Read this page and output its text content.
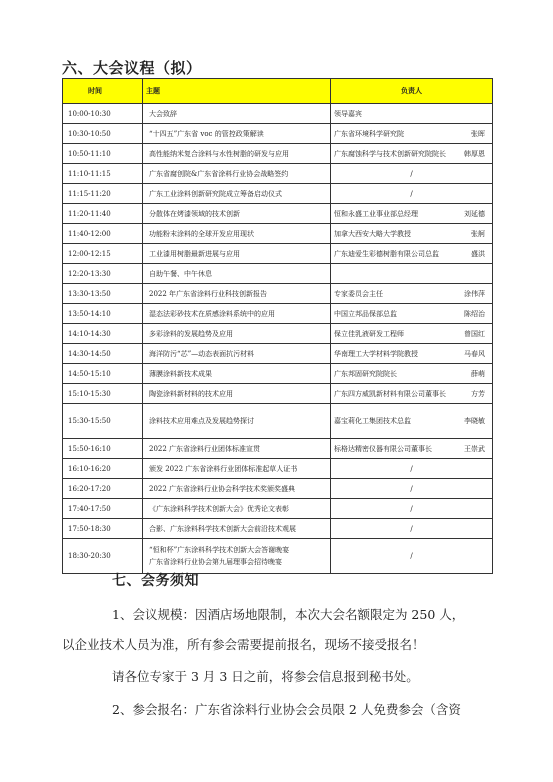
六、大会议程（拟）
时间	主题	负责人
10:00-10:30	大会致辞	领导嘉宾
10:30-10:50	“十四五”广东省 voc 的管控政策解读	广东省环境科学研究院 张晖

10:50-11:10	高性能纳米复合涂料与水性树脂的研发与应用	广东腐蚀科学与技术创新研究院院长 韩厚恩

11:10-11:15	广东省腐创院&广东省涂料行业协会战略签约	/

11:15-11:20	广东工业涂料创新研究院成立筹备启动仪式	/

11:20-11:40	分散体在烤漆领域的技术创新	恒和永盛工业事业部总经理 刘延德

11:40-12:00	功能粉末涂料的全球开发应用现状	加拿大西安大略大学教授 张舸

12:00-12:15	工业漆用树脂最新进展与应用	广东迪爱生彩德树脂有限公司总监 盛洪

12:20-13:30	自助午餐、中午休息	
13:30-13:50	2022 年广东省涂料行业科技创新报告	专家委员会主任 涂伟萍

13:50-14:10	湿态法彩砂技术在质感涂料系统中的应用	中国立邦品保部总监 陈绍治

14:10-14:30	多彩涂料的发展趋势及应用	保立佳乳液研发工程师 曾国红

14:30-14:50	海洋防污“芯”—动态表面抗污材料	华南理工大学材料学院教授 马春风

14:50-15:10	薄膜涂料新技术成果	广东邦固研究院院长 薛萌

15:10-15:30	陶瓷涂料新材料的技术应用	广东四方威凯新材料有限公司董事长 方芳

15:30-15:50	涂料技术应用难点及发展趋势探讨	嘉宝莉化工集团技术总监 李晓敏

15:50-16:10	2022 广东省涂料行业团体标准宣贯	标格达精密仪器有限公司董事长 王崇武

16:10-16:20	颁发 2022 广东省涂料行业团体标准起草人证书	/

16:20-17:20	2022 广东省涂料行业协会科学技术奖颁奖盛典	/

17:40-17:50	《广东涂料科学技术创新大会》优秀论文表彰	/

17:50-18:30	合影、广东涂料科学技术创新大会前沿技术观展	/

18:30-20:30	“恒和杯”广东涂料科学技术创新大会答谢晚宴
广东省涂料行业协会第九届理事会招待晚宴	/
七、会务须知
1、会议规模：因酒店场地限制，本次大会名额限定为 250 人，
以企业技术人员为准，所有参会需要提前报名，现场不接受报名！
请各位专家于 3 月 3 日之前，将参会信息报到秘书处。
2、参会报名：广东省涂料行业协会会员限 2 人免费参会（含资
